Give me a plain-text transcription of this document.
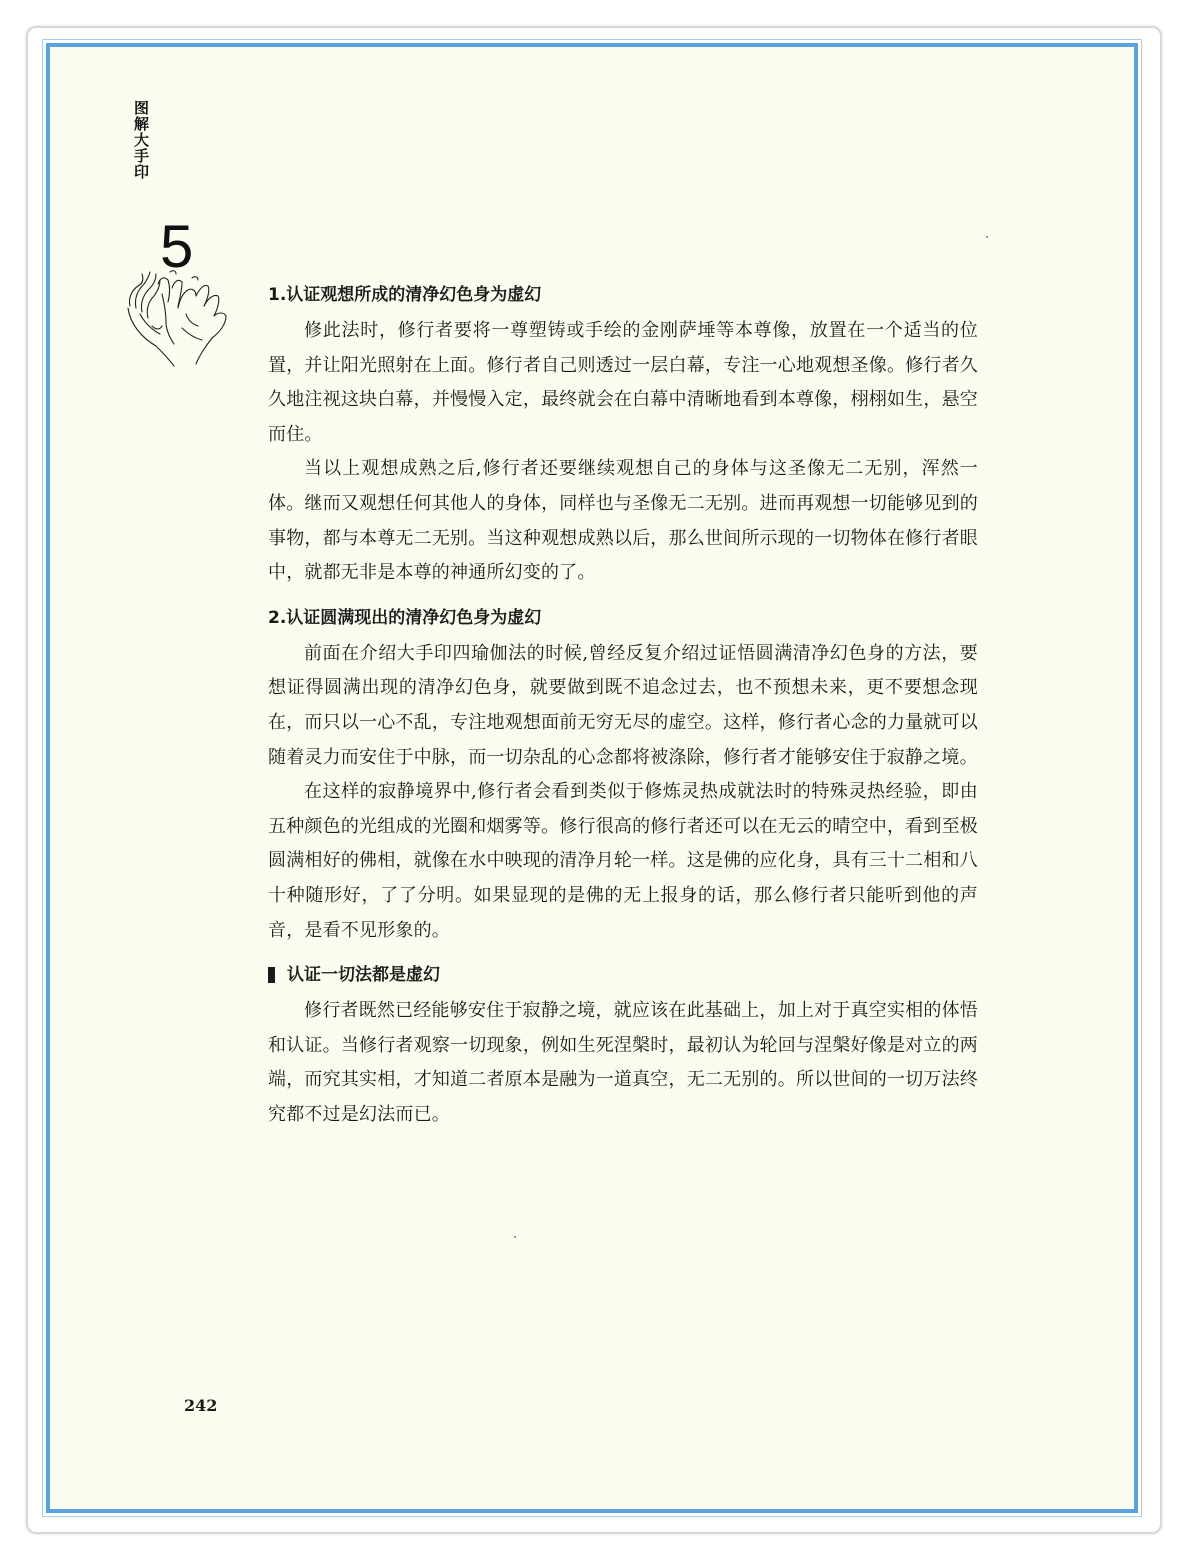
图解大手印
5
1.认证观想所成的清净幻色身为虚幻

修此法时，修行者要将一尊塑铸或手绘的金刚萨埵等本尊像，放置在一个适当的位置，并让阳光照射在上面。修行者自己则透过一层白幕，专注一心地观想圣像。修行者久久地注视这块白幕，并慢慢入定，最终就会在白幕中清晰地看到本尊像，栩栩如生，悬空而住。

当以上观想成熟之后,修行者还要继续观想自己的身体与这圣像无二无别，浑然一体。继而又观想任何其他人的身体，同样也与圣像无二无别。进而再观想一切能够见到的事物，都与本尊无二无别。当这种观想成熟以后，那么世间所示现的一切物体在修行者眼中，就都无非是本尊的神通所幻变的了。

2.认证圆满现出的清净幻色身为虚幻

前面在介绍大手印四瑜伽法的时候,曾经反复介绍过证悟圆满清净幻色身的方法，要想证得圆满出现的清净幻色身，就要做到既不追念过去，也不预想未来，更不要想念现在，而只以一心不乱，专注地观想面前无穷无尽的虚空。这样，修行者心念的力量就可以随着灵力而安住于中脉，而一切杂乱的心念都将被涤除，修行者才能够安住于寂静之境。

在这样的寂静境界中,修行者会看到类似于修炼灵热成就法时的特殊灵热经验，即由五种颜色的光组成的光圈和烟雾等。修行很高的修行者还可以在无云的晴空中，看到至极圆满相好的佛相，就像在水中映现的清净月轮一样。这是佛的应化身，具有三十二相和八十种随形好，了了分明。如果显现的是佛的无上报身的话，那么修行者只能听到他的声音，是看不见形象的。

认证一切法都是虚幻

修行者既然已经能够安住于寂静之境，就应该在此基础上，加上对于真空实相的体悟和认证。当修行者观察一切现象，例如生死涅槃时，最初认为轮回与涅槃好像是对立的两端，而究其实相，才知道二者原本是融为一道真空，无二无别的。所以世间的一切万法终究都不过是幻法而已。

242
